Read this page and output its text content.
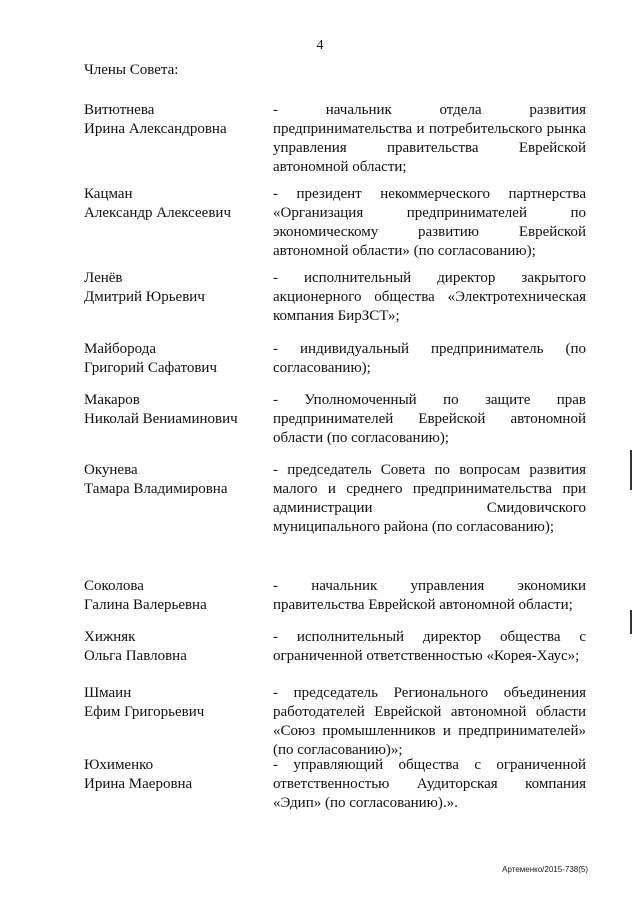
4
Члены Совета:
Витютнева
Ирина Александровна
- начальник отдела развития предпринимательства и потребительского рынка управления правительства Еврейской автономной области;
Кацман
Александр Алексеевич
- президент некоммерческого партнерства «Организация предпринимателей по экономическому развитию Еврейской автономной области» (по согласованию);
Ленёв
Дмитрий Юрьевич
- исполнительный директор закрытого акционерного общества «Электротехническая компания БирЗСТ»;
Майборода
Григорий Сафатович
- индивидуальный предприниматель (по согласованию);
Макаров
Николай Вениаминович
- Уполномоченный по защите прав предпринимателей Еврейской автономной области (по согласованию);
Окунева
Тамара Владимировна
- председатель Совета по вопросам развития малого и среднего предпринимательства при администрации Смидовичского муниципального района (по согласованию);
Соколова
Галина Валерьевна
- начальник управления экономики правительства Еврейской автономной области;
Хижняк
Ольга Павловна
- исполнительный директор общества с ограниченной ответственностью «Корея-Хаус»;
Шмаин
Ефим Григорьевич
- председатель Регионального объединения работодателей Еврейской автономной области «Союз промышленников и предпринимателей» (по согласованию)»;
Юхименко
Ирина Маеровна
- управляющий общества с ограниченной ответственностью Аудиторская компания «Эдип» (по согласованию).».
Артеменко/2015-738(5)
